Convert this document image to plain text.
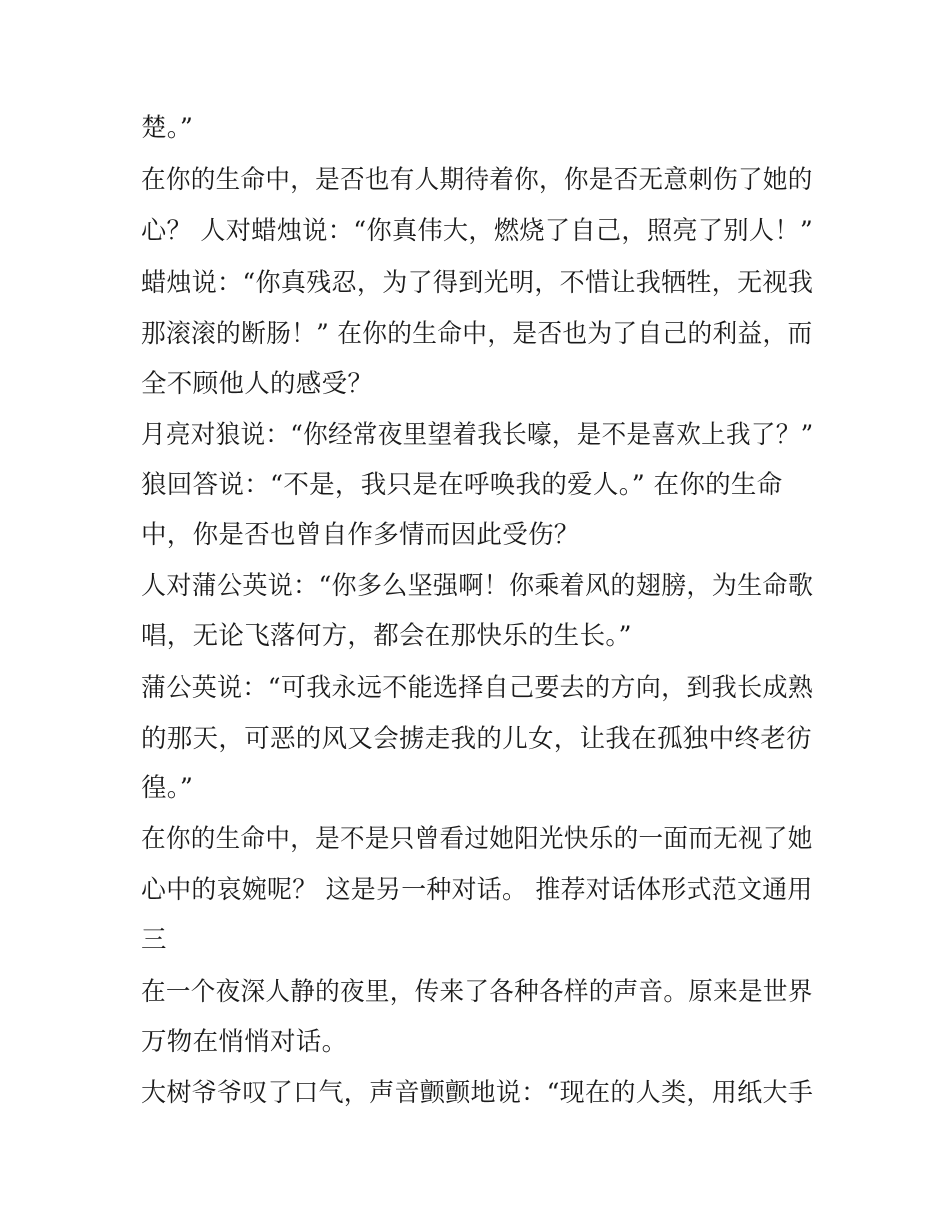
楚。”
在你的生命中，是否也有人期待着你，你是否无意刺伤了她的
心？ 人对蜡烛说：“你真伟大，燃烧了自己，照亮了别人！”
蜡烛说：“你真残忍，为了得到光明，不惜让我牺牲，无视我
那滚滚的断肠！” 在你的生命中，是否也为了自己的利益，而
全不顾他人的感受？
月亮对狼说：“你经常夜里望着我长嚎，是不是喜欢上我了？”
狼回答说：“不是，我只是在呼唤我的爱人。” 在你的生命
中，你是否也曾自作多情而因此受伤？
人对蒲公英说：“你多么坚强啊！你乘着风的翅膀，为生命歌
唱，无论飞落何方，都会在那快乐的生长。”
蒲公英说：“可我永远不能选择自己要去的方向，到我长成熟
的那天，可恶的风又会掳走我的儿女，让我在孤独中终老彷
徨。”
在你的生命中，是不是只曾看过她阳光快乐的一面而无视了她
心中的哀婉呢？ 这是另一种对话。 推荐对话体形式范文通用
三
在一个夜深人静的夜里，传来了各种各样的声音。原来是世界
万物在悄悄对话。
大树爷爷叹了口气，声音颤颤地说：“现在的人类，用纸大手
